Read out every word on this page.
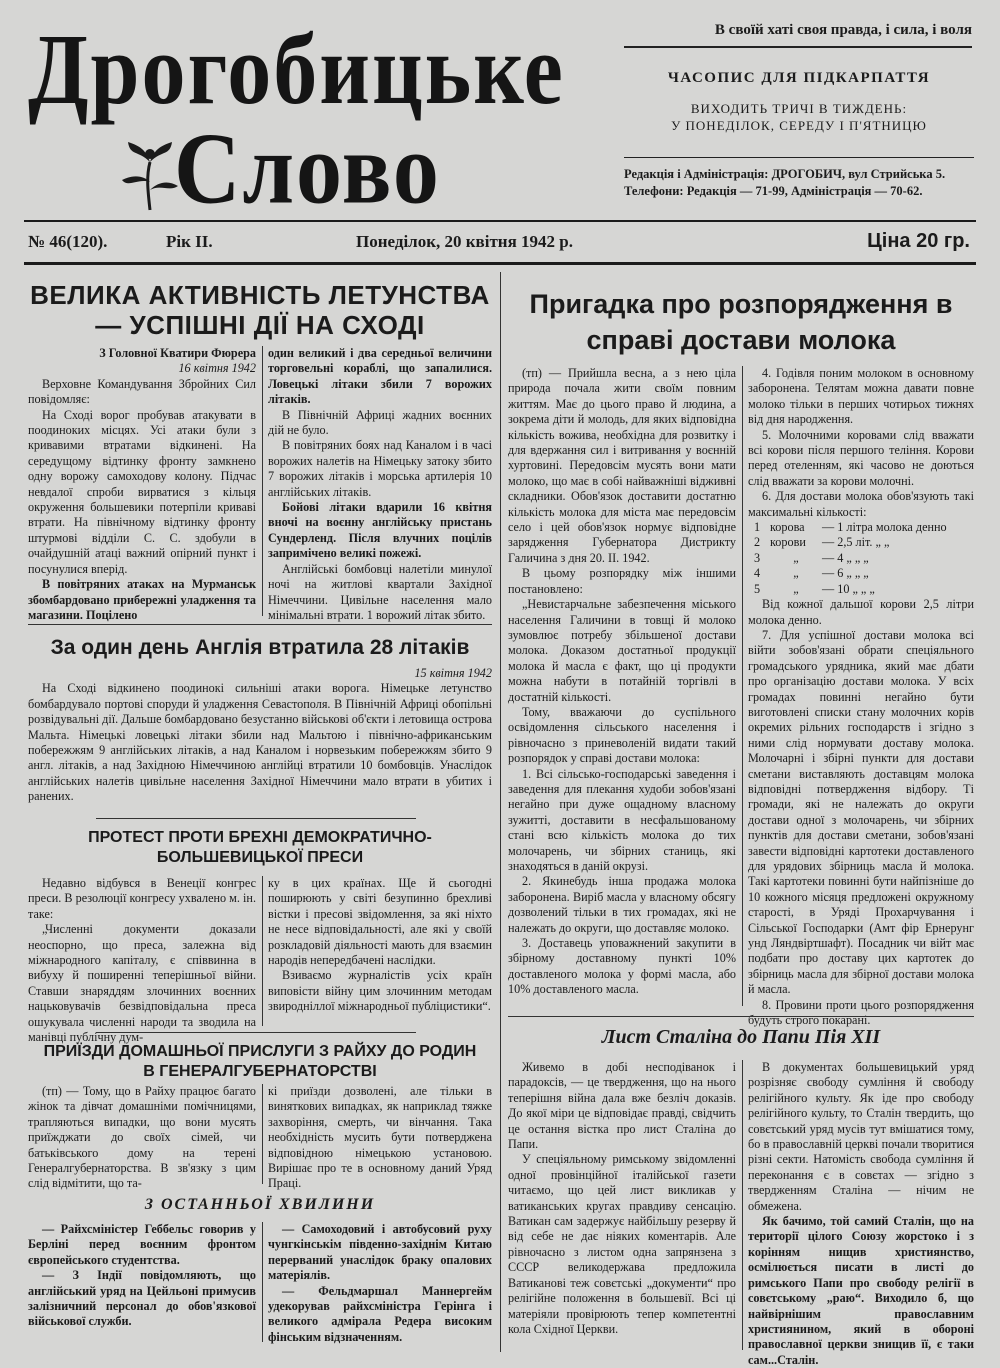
Дрогобицьке
Слово
В своїй хаті своя правда, і сила, і воля
ЧАСОПИС ДЛЯ ПІДКАРПАТТЯ
ВИХОДИТЬ ТРИЧІ В ТИЖДЕНЬ:
У ПОНЕДІЛОК, СЕРЕДУ І П'ЯТНИЦЮ
Редакція і Адміністрація: ДРОГОБИЧ, вул Стрийська 5.
Телефони: Редакція — 71-99, Адміністрація — 70-62.
№ 46(120).	Рік II.	Понеділок, 20 квітня 1942 р.	Ціна 20 гр.
ВЕЛИКА АКТИВНІСТЬ ЛЕТУНСТВА— УСПІШНІ ДІЇ НА СХОДІ
З Головної Кватири Фюрера
16 квітня 1942

Верховне Командування Збройних Сил повідомляє:

На Сході ворог пробував атакувати в поодиноких місцях. Усі атаки були з кривавими втратами відкинені. На середущому відтинку фронту замкнено одну ворожу самоходову колону. Підчас невдалої спроби вирватися з кільця окруження большевики потерпіли криваві втрати. На північному відтинку фронту штурмові відділи С. С. здобули в очайдушній атаці важний опірний пункт і посунулися вперід.

В повітряних атаках на Мурманськ збомбардовано прибережні уладження та магазини. Поцілено

один великий і два середньої величини торговельні кораблі, що запалилися. Ловецькі літаки збили 7 ворожих літаків.

В Північній Африці жадних воєнних дій не було.

В повітряних боях над Каналом і в часі ворожих налетів на Німецьку затоку збито 7 ворожих літаків і морська артилерія 10 англійських літаків.

Бойові літаки вдарили 16 квітня вночі на воєнну англійську пристань Сундерленд. Після влучних поцілів запримічено великі пожежі.

Англійські бомбовці налетіли минулої ночі на житлові квартали Західної Німеччини. Цивільне населення мало мінімальні втрати. 1 ворожий літак збито.

За один день Англія втратила 28 літаків
15 квітня 1942

На Сході відкинено поодинокі сильніші атаки ворога. Німецьке летунство бомбардувало портові споруди й уладження Севастополя. В Північній Африці обопільні розвідувальні дії. Дальше бомбардовано безустанно військові об'єкти і летовища острова Мальта. Німецькі ловецькі літаки збили над Мальтою і північно-африканським побережжям 9 англійських літаків, а над Каналом і норвезьким побережжям збито 9 англ. літаків, а над Західною Німеччиною англійці втратили 10 бомбовців. Унаслідок англійських налетів цивільне населення Західної Німеччини мало втрати в убитих і ранених.

ПРОТЕСТ ПРОТИ БРЕХНІ ДЕМОКРАТИЧНО-БОЛЬШЕВИЦЬКОЇ ПРЕСИ

Недавно відбувся в Венеції конгрес преси. В резолюції конгресу ухвалено м. ін. таке:

„Численні документи доказали неоспорно, що преса, залежна від міжнародного капіталу, є співвинна в вибуху й поширенні теперішньої війни. Ставши знаряддям злочинних воєнних нацьковувачів безвідповідальна преса ошукувала численні народи та зводила на манівці публічну дум-

ку в цих країнах. Ще й сьогодні поширюють у світі безупинно брехливі вістки і пресові звідомлення, за які ніхто не несе відповідальності, але які у своїй розкладовій діяльності мають для взаємин народів непередбачені наслідки.

Взиваємо журналістів усіх країн виповісти війну цим злочинним методам звиродніллої міжнародньої публіцистики“.

ПРИЇЗДИ ДОМАШНЬОЇ ПРИСЛУГИ З РАЙХУ ДО РОДИН В ГЕНЕРАЛГУБЕРНАТОРСТВІ

(тп) — Тому, що в Райху працює багато жінок та дівчат домашніми помічницями, трапляються випадки, що вони мусять приїжджати до своїх сімей, чи батьківського дому на терені Генералгубернаторства. В зв'язку з цим слід відмітити, що та-

кі приїзди дозволені, але тільки в виняткових випадках, як наприклад тяжке захворіння, смерть, чи вінчання. Така необхідність мусить бути потверджена відповідною німецькою установою. Вирішає про те в основному даний Уряд Праці.

З ОСТАННЬОЇ ХВИЛИНИ

— Райхсміністер Геббельс говорив у Берліні перед воєнним фронтом європейського студентства.

— З Індії повідомляють, що англійський уряд на Цейльоні примусив залізничний персонал до обов'язкової військової служби.

— Самоходовий і автобусовий руху чунгкінськім південно-західнім Китаю перерваний унаслідок браку опалових матеріялів.

— Фельдмаршал Маннергейм удекорував райхсміністра Герінга і великого адмірала Редера високим фінським відзначенням.

Пригадка про розпорядження в справі достави молока

(тп) — Прийшла весна, а з нею ціла природа почала жити своїм повним життям. Має до цього право й людина, а зокрема діти й молодь, для яких відповідна кількість вожива, необхідна для розвитку і для вдержання сил і витривання у воєнній хуртовині. Передовсім мусять вони мати молоко, що має в собі найважніші відживні складники. Обов'язок доставити достатню кількість молока для міста має передовсім село і цей обов'язок нормує відповідне зарядження Губернатора Дистрикту Галичина з дня 20. II. 1942.

В цьому розпорядку між іншими постановлено:

„Невистарчальне забезпечення міського населення Галичини в товщі й молоко зумовлює потребу збільшеної достави молока. Доказом достатньої продукції молока й масла є факт, що ці продукти можна набути в потайній торгівлі в достатній кількості.

Тому, вважаючи до суспільного освідомлення сільського населення і рівночасно з приневоленій видати такий розпорядок у справі достави молока:

1. Всі сільсько-господарські заведення і заведення для плекання худоби зобов'язані негайно при дуже ощадному власному зужитті, доставити в несфальшованому стані всю кількість молока до тих молочарень, чи збірних станиць, які знаходяться в даній окрузі.

2. Якинебудь інша продажа молока заборонена. Виріб масла у власному обсягу дозволений тільки в тих громадах, які не належать до округи, що доставляє молоко.

3. Доставець уповажнений закупити в збірному доставному пункті 10% доставленого молока у формі масла, або 10% доставленого масла.

4. Годівля поним молоком в основному заборонена. Телятам можна давати повне молоко тільки в перших чотирьох тижнях від дня народження.

5. Молочними коровами слід вважати всі корови після першого теління. Корови перед отеленням, які часово не доються слід вважати за корови молочні.

6. Для достави молока обов'язують такі максимальні кількості:

1 корова	— 1 літра молока денно
2 корови	— 2,5 літ. „ „
3	„	— 4 „ „ „
4	„	— 6 „ „ „
5	„	— 10 „ „ „

Від кожної дальшої корови 2,5 літри молока денно.

7. Для успішної достави молока всі війти зобов'язані обрати спеціяльного громадського урядника, який має дбати про організацію достави молока. У всіх громадах повинні негайно бути виготовлені списки стану молочних корів окремих рільних господарств і згідно з ними слід нормувати доставу молока. Молочарні і збірні пункти для достави сметани виставляють доставцям молока відповідні потвердження відбору. Ті громади, які не належать до округи достави одної з молочарень, чи збірних пунктів для достави сметани, зобов'язані завести відповідні картотеки доставленого для урядових збірниць масла й молока. Такі картотеки повинні бути найпізніше до 10 кожного місяця предложені окружному старості, в Уряді Прохарчування і Сільської Господарки (Амт фір Ернерунг унд Ляндвіртшафт). Посадник чи війт має подбати про доставу цих картотек до збірниць масла для збірної достави молока й масла.

8. Провини проти цього розпорядження будуть строго покарані.

Лист Сталіна до Папи Пія XII

Живемо в добі несподіванок і парадоксів, — це твердження, що на нього теперішня війна дала вже безліч доказів. До якої міри це відповідає правді, свідчить це остання вістка про лист Сталіна до Папи.

У спеціяльному римському звідомленні одної провінційної італійської газети читаємо, що цей лист викликав у ватиканських кругах правдиву сенсацію. Ватикан сам задержує найбільшу резерву й від себе не дає ніяких коментарів. Але рівночасно з листом одна запрянзена з СССР великодержава предложила Ватиканові теж совєтські „документи“ про релігійне положення в большевії. Всі ці матеріяли провірюють тепер компетентні кола Східної Церкви.

В документах большевицький уряд розрізняє свободу сумління й свободу релігійного культу. Як іде про свободу релігійного культу, то Сталін твердить, що совєтський уряд мусів тут вмішатися тому, бо в православній церкві почали творитися різні секти. Натомість свобода сумління й переконання є в совєтах — згідно з твердженням Сталіна — нічим не обмежена.

Як бачимо, той самий Сталін, що на території цілого Союзу жорстоко і з корінням нищив християнство, осмілюється писати в листі до римського Папи про свободу релігії в совєтському „раю“. Виходило б, що найвірнішим православним християнином, який в обороні православної церкви знищив її, є таки сам...Сталін.
